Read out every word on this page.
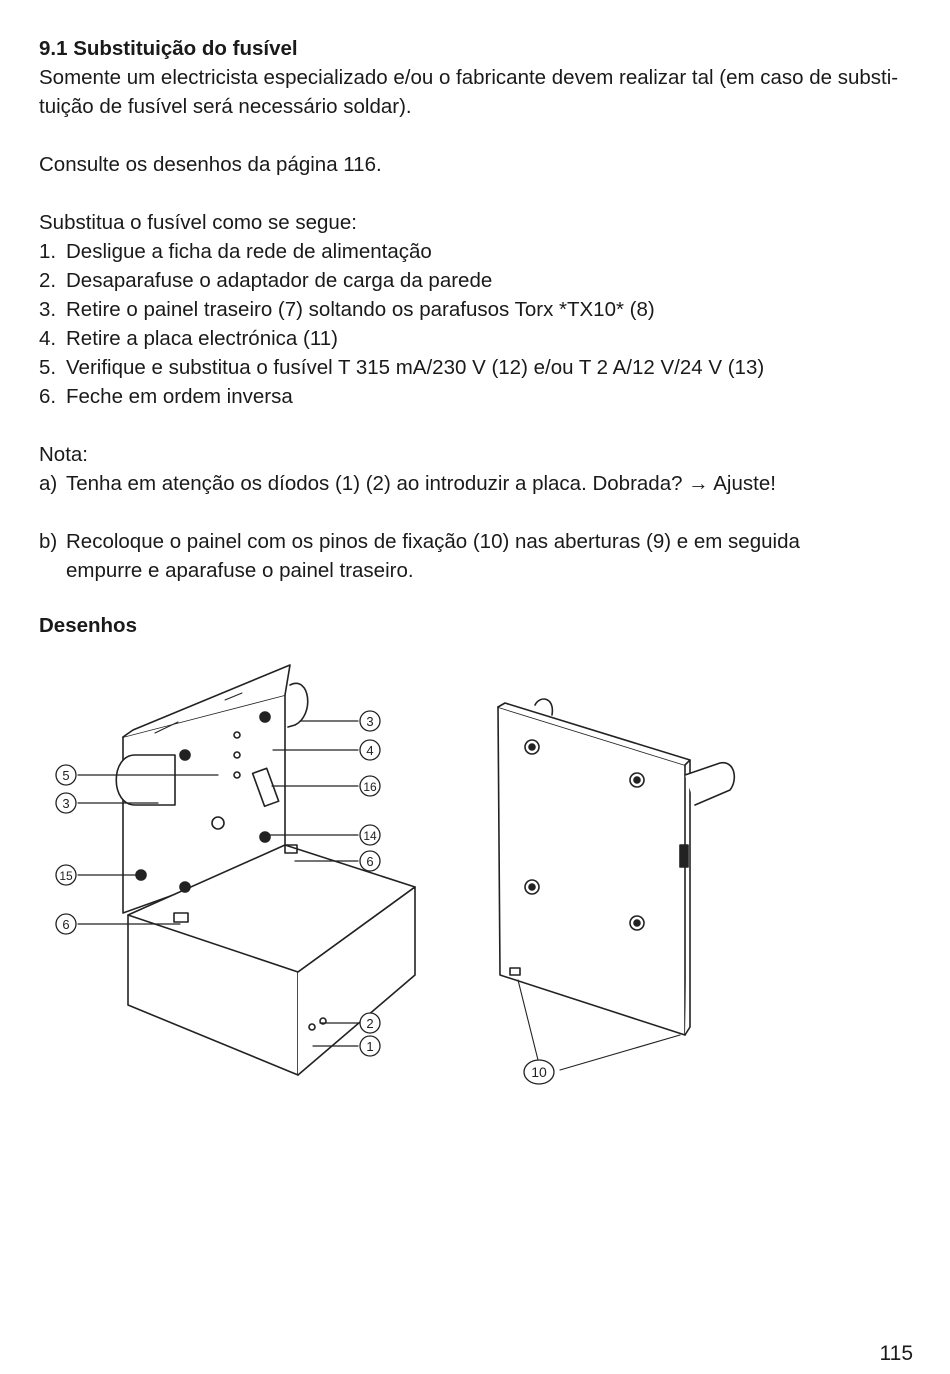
9.1 Substituição do fusível

Somente um electricista especializado e/ou o fabricante devem realizar tal (em caso de substi-

tuição de fusível será necessário soldar).

Consulte os desenhos da página 116.

Substitua o fusível como se segue:

1. Desligue a ficha da rede de alimentação
2. Desaparafuse o adaptador de carga da parede
3. Retire o painel traseiro (7) soltando os parafusos Torx *TX10* (8)
4. Retire a placa electrónica (11)
5. Verifique e substitua o fusível T 315 mA/230 V (12) e/ou T 2 A/12 V/24 V (13)
6. Feche em ordem inversa

Nota:

a) Tenha em atenção os díodos (1) (2) ao introduzir a placa. Dobrada? → Ajuste!
b) Recoloque o painel com os pinos de fixação (10) nas aberturas (9) e em seguida
empurre e aparafuse o painel traseiro.
Desenhos
3
4
16
14
6
5
3
15
6
2
1
10
115
